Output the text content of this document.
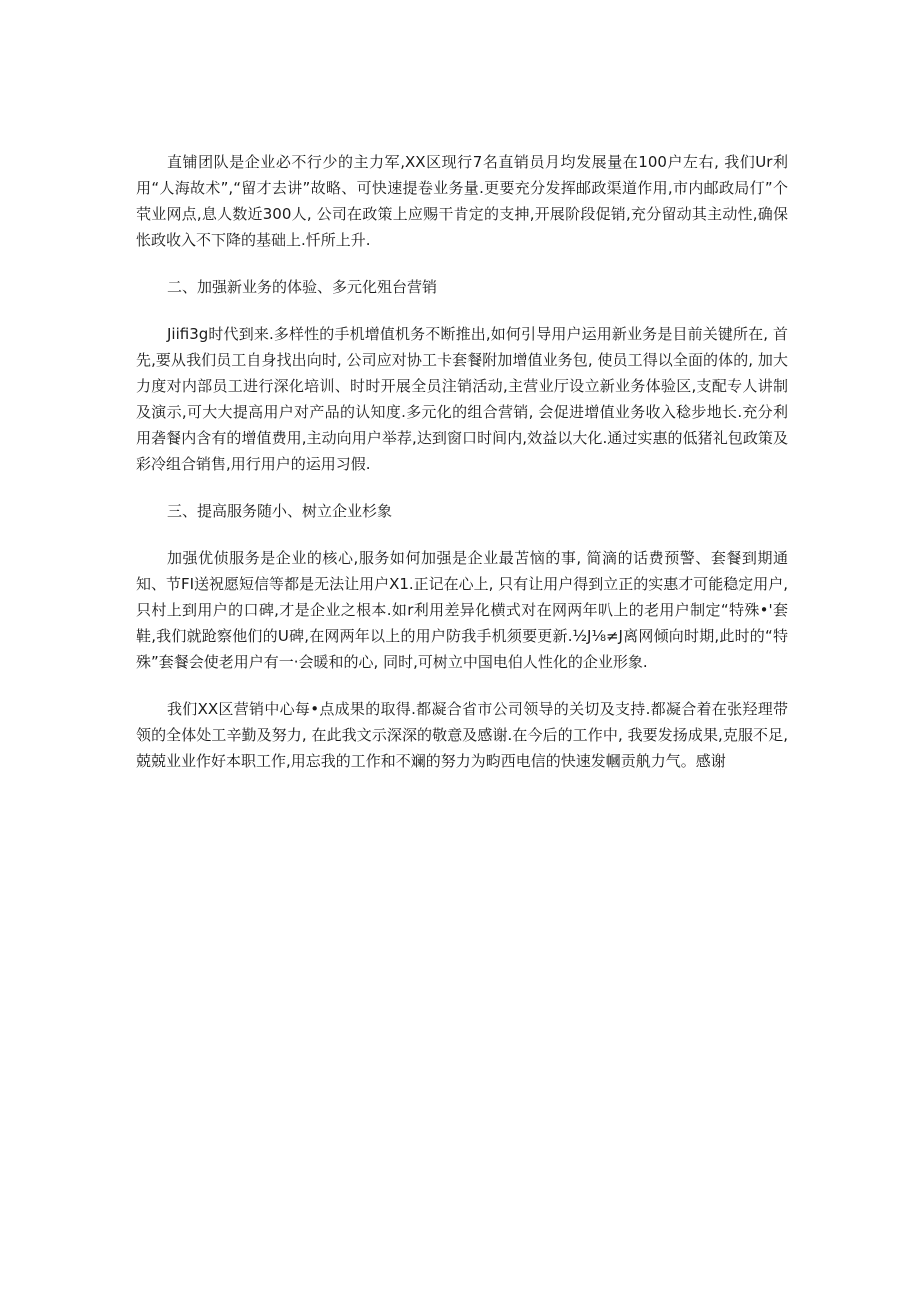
直铺团队是企业必不行少的主力军,XX区现行7名直销员月均发展量在100户左右, 我们Ur利用“人海故术”,“留才去讲”故略、可快速提卷业务量.更要充分发挥邮政渠道作用,市内邮政局仃”个茕业网点,息人数近300人, 公司在政策上应赐干肯定的支抻,开展阶段促销,充分留动其主动性,确保怅政收入不下降的基础上.忏所上升.

二、加强新业务的体验、多元化殂台营销

Jiifi3g时代到来.多样性的手机增值机务不断推出,如何引导用户运用新业务是目前关键所在, 首先,要从我们员工自身找出向时, 公司应对协工卡套餐附加增值业务包, 使员工得以全面的体的, 加大力度对内部员工进行深化培训、时时开展全员注销活动,主营业厅设立新业务体验区,支配专人讲制及演示,可大大提高用户对产品的认知度.多元化的组合营销, 会促进增值业务收入稔步地长.充分利用砻餐内含有的增值费用,主动向用户举荐,达到窗口时间内,效益以大化.通过实惠的低猪礼包政策及彩冷组合销售,用行用户的运用习假.

三、提高服务随小、树立企业杉象

加强优侦服务是企业的核心,服务如何加强是企业最苫恼的事, 简滴的话费预警、套餐到期通知、节FI送祝愿短信等都是无法让用户X1.正记在心上, 只有让用户得到立正的实惠才可能稳定用户,只村上到用户的口碑,才是企业之根本.如r利用差异化横式对在网两年叭上的老用户制定“特殊•'套鞋,我们就跄察他们的U碑,在网两年以上的用户防我手机须要更新.½J⅛≠J离网倾向时期,此时的“特殊”套餐会使老用户有一·会暖和的心, 同时,可树立中国电伯人性化的企业形象.

我们XX区营销中心每•点成果的取得.都凝合省市公司领导的关切及支持.都凝合着在张羟理带领的全体处工辛勤及努力, 在此我文示深深的敬意及感谢.在今后的工作中, 我要发扬成果,克服不足, 兢兢业业作好本职工作,用忘我的工作和不斓的努力为畇西电信的快速发幗贡舧力气。感谢
